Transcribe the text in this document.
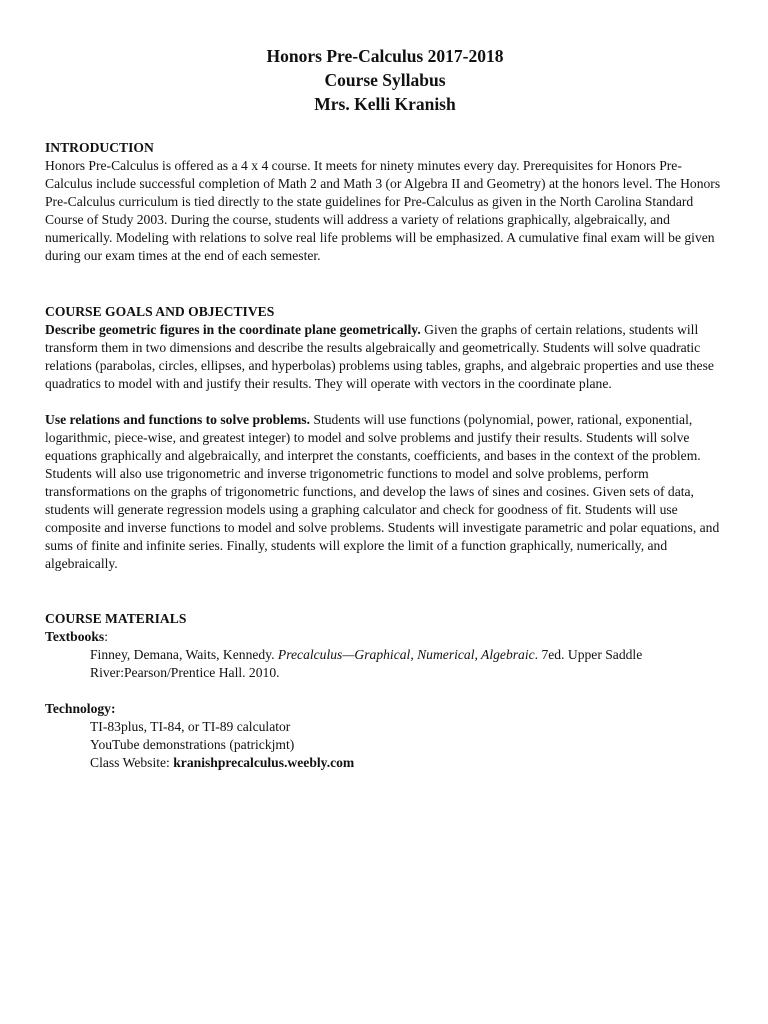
Honors Pre-Calculus 2017-2018
Course Syllabus
Mrs. Kelli Kranish
INTRODUCTION

Honors Pre-Calculus is offered as a 4 x 4 course. It meets for ninety minutes every day. Prerequisites for Honors Pre-Calculus include successful completion of Math 2 and Math 3 (or Algebra II and Geometry) at the honors level. The Honors Pre-Calculus curriculum is tied directly to the state guidelines for Pre-Calculus as given in the North Carolina Standard Course of Study 2003. During the course, students will address a variety of relations graphically, algebraically, and numerically. Modeling with relations to solve real life problems will be emphasized. A cumulative final exam will be given during our exam times at the end of each semester.

COURSE GOALS AND OBJECTIVES

Describe geometric figures in the coordinate plane geometrically. Given the graphs of certain relations, students will transform them in two dimensions and describe the results algebraically and geometrically. Students will solve quadratic relations (parabolas, circles, ellipses, and hyperbolas) problems using tables, graphs, and algebraic properties and use these quadratics to model with and justify their results. They will operate with vectors in the coordinate plane.

Use relations and functions to solve problems. Students will use functions (polynomial, power, rational, exponential, logarithmic, piece-wise, and greatest integer) to model and solve problems and justify their results. Students will solve equations graphically and algebraically, and interpret the constants, coefficients, and bases in the context of the problem. Students will also use trigonometric and inverse trigonometric functions to model and solve problems, perform transformations on the graphs of trigonometric functions, and develop the laws of sines and cosines. Given sets of data, students will generate regression models using a graphing calculator and check for goodness of fit. Students will use composite and inverse functions to model and solve problems. Students will investigate parametric and polar equations, and sums of finite and infinite series. Finally, students will explore the limit of a function graphically, numerically, and algebraically.

COURSE MATERIALS
Textbooks:

Finney, Demana, Waits, Kennedy. Precalculus—Graphical, Numerical, Algebraic. 7ed. Upper Saddle River:Pearson/Prentice Hall. 2010.

Technology:
TI-83plus, TI-84, or TI-89 calculator
YouTube demonstrations (patrickjmt)
Class Website: kranishprecalculus.weebly.com
